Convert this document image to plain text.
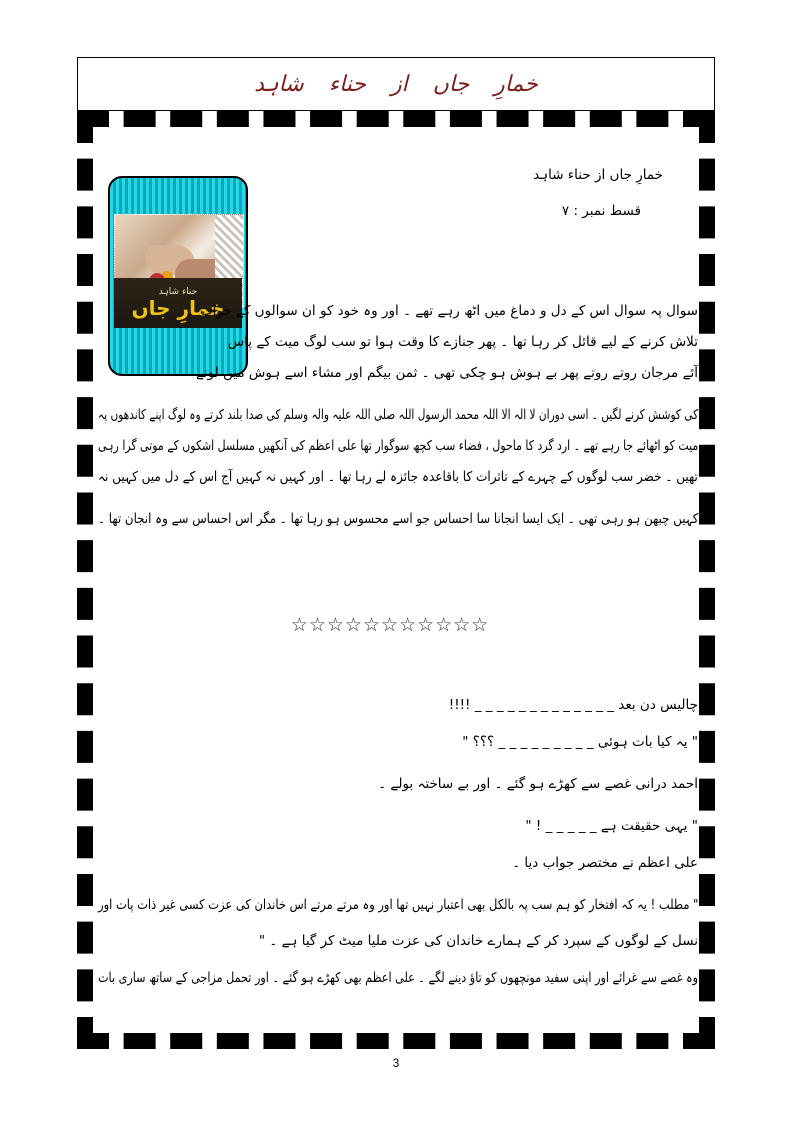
خمارِ جاں از حناء شاہد
حناء شاہد
خمارِ جاں
خمارِ جاں از حناء شاہد
قسط نمبر : ۷
سوال پہ سوال اس کے دل و دماغ میں اٹھ رہے تھے ۔ اور وہ خود کو ان سوالوں کے جواب
تلاش کرنے کے لیے قائل کر رہا تھا ۔ پھر جنازے کا وقت ہوا تو سب لوگ میت کے پاس
آئے مرجان روتے روتے پھر بے ہوش ہو چکی تھی ۔ ثمن بیگم اور مشاء اسے ہوش میں لونے
کی کوشش کرنے لگیں ۔ اسی دوران لا الہ الا اللہ محمد الرسول اللہ صلی اللہ علیہ والہ وسلم کی صدا بلند کرتے وہ لوگ اپنے کاندھوں پہ
میت کو اٹھائے جا رہے تھے ۔ ارد گرد کا ماحول ، فضاء سب کچھ سوگوار تھا علی اعظم کی آنکھیں مسلسل اشکوں کے موتی گرا رہی
تھیں ۔ خضر سب لوگوں کے چہرے کے تاثرات کا باقاعدہ جائزہ لے رہا تھا ۔ اور کہیں نہ کہیں آج اس کے دل میں کہیں نہ
کہیں چبھن ہو رہی تھی ۔ ایک ایسا انجانا سا احساس جو اسے محسوس ہو رہا تھا ۔ مگر اس احساس سے وہ انجان تھا ۔
☆☆☆☆☆☆☆☆☆☆☆
چالیس دن بعد _ _ _ _ _ _ _ _ _ _ _ _ _ !!!!
" یہ کیا بات ہوئی _ _ _ _ _ _ _ _ _ ؟؟؟ "
احمد درانی غصے سے کھڑے ہو گئے ۔ اور بے ساختہ بولے ۔
" یہی حقیقت ہے _ _ _ _ _ ! "
علی اعظم نے مختصر جواب دیا ۔
" مطلب ! یہ کہ افتخار کو ہم سب پہ بالکل بھی اعتبار نہیں تھا اور وہ مرتے مرتے اس خاندان کی عزت کسی غیر ذات پات اور
نسل کے لوگوں کے سپرد کر کے ہمارے خاندان کی عزت ملیا میٹ کر گیا ہے ۔ "
وہ غصے سے غرائے اور اپنی سفید مونچھوں کو تاؤ دینے لگے ۔ علی اعظم بھی کھڑے ہو گئے ۔ اور تحمل مزاجی کے ساتھ ساری بات
3
